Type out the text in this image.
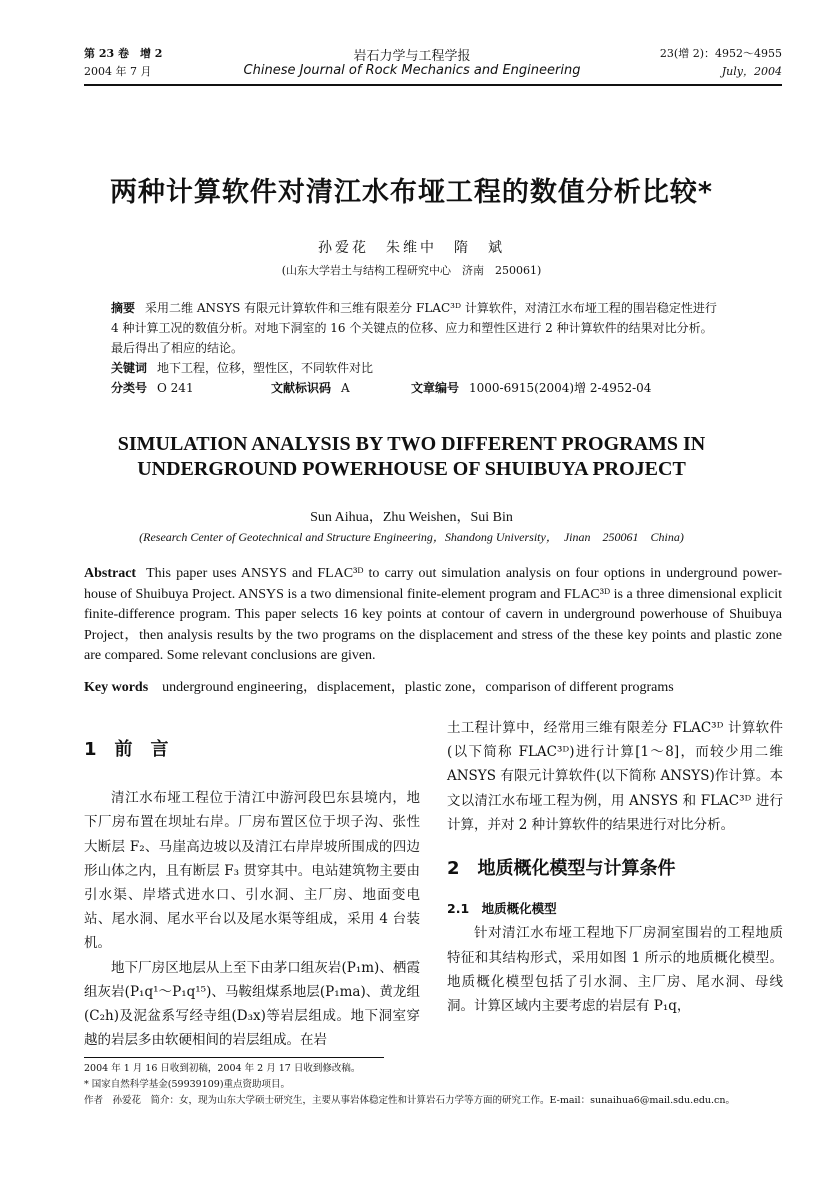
第 23 卷　增 2
2004 年 7 月
岩石力学与工程学报
Chinese Journal of Rock Mechanics and Engineering
23(增 2)：4952～4955
July，2004
两种计算软件对清江水布垭工程的数值分析比较*
孙爱花　朱维中　隋　斌
(山东大学岩土与结构工程研究中心　济南　250061)
摘要 采用二维 ANSYS 有限元计算软件和三维有限差分 FLAC³ᴰ 计算软件，对清江水布垭工程的围岩稳定性进行
4 种计算工况的数值分析。对地下洞室的 16 个关键点的位移、应力和塑性区进行 2 种计算软件的结果对比分析。
最后得出了相应的结论。
关键词 地下工程，位移，塑性区，不同软件对比
分类号 O 241	文献标识码 A	文章编号 1000-6915(2004)增 2-4952-04
SIMULATION ANALYSIS BY TWO DIFFERENT PROGRAMS IN
UNDERGROUND POWERHOUSE OF SHUIBUYA PROJECT
Sun Aihua，Zhu Weishen，Sui Bin
(Research Center of Geotechnical and Structure Engineering，Shandong University，　Jinan　250061　China)
Abstract This paper uses ANSYS and FLAC³ᴰ to carry out simulation analysis on four options in underground power-house of Shuibuya Project. ANSYS is a two dimensional finite-element program and FLAC³ᴰ is a three dimensional explicit finite-difference program. This paper selects 16 key points at contour of cavern in underground powerhouse of Shuibuya Project，then analysis results by the two programs on the displacement and stress of the these key points and plastic zone are compared. Some relevant conclusions are given.
Key words underground engineering，displacement，plastic zone，comparison of different programs
1　前　言
清江水布垭工程位于清江中游河段巴东县境内，地下厂房布置在坝址右岸。厂房布置区位于坝子沟、张性大断层 F₂、马崖高边坡以及清江右岸岸坡所围成的四边形山体之内，且有断层 F₃ 贯穿其中。电站建筑物主要由引水渠、岸塔式进水口、引水洞、主厂房、地面变电站、尾水洞、尾水平台以及尾水渠等组成，采用 4 台装机。
地下厂房区地层从上至下由茅口组灰岩(P₁m)、栖霞组灰岩(P₁q¹～P₁q¹⁵)、马鞍组煤系地层(P₁ma)、黄龙组(C₂h)及泥盆系写经寺组(D₃x)等岩层组成。地下洞室穿越的岩层多由软硬相间的岩层组成。在岩
土工程计算中，经常用三维有限差分 FLAC³ᴰ 计算软件(以下简称 FLAC³ᴰ)进行计算[1～8]，而较少用二维 ANSYS 有限元计算软件(以下简称 ANSYS)作计算。本文以清江水布垭工程为例，用 ANSYS 和 FLAC³ᴰ 进行计算，并对 2 种计算软件的结果进行对比分析。
2　地质概化模型与计算条件
2.1　地质概化模型
针对清江水布垭工程地下厂房洞室围岩的工程地质特征和其结构形式，采用如图 1 所示的地质概化模型。地质概化模型包括了引水洞、主厂房、尾水洞、母线洞。计算区域内主要考虑的岩层有 P₁q，
2004 年 1 月 16 日收到初稿，2004 年 2 月 17 日收到修改稿。
* 国家自然科学基金(59939109)重点资助项目。
作者　孙爱花　简介：女，现为山东大学硕士研究生，主要从事岩体稳定性和计算岩石力学等方面的研究工作。E-mail：sunaihua6@mail.sdu.edu.cn。
